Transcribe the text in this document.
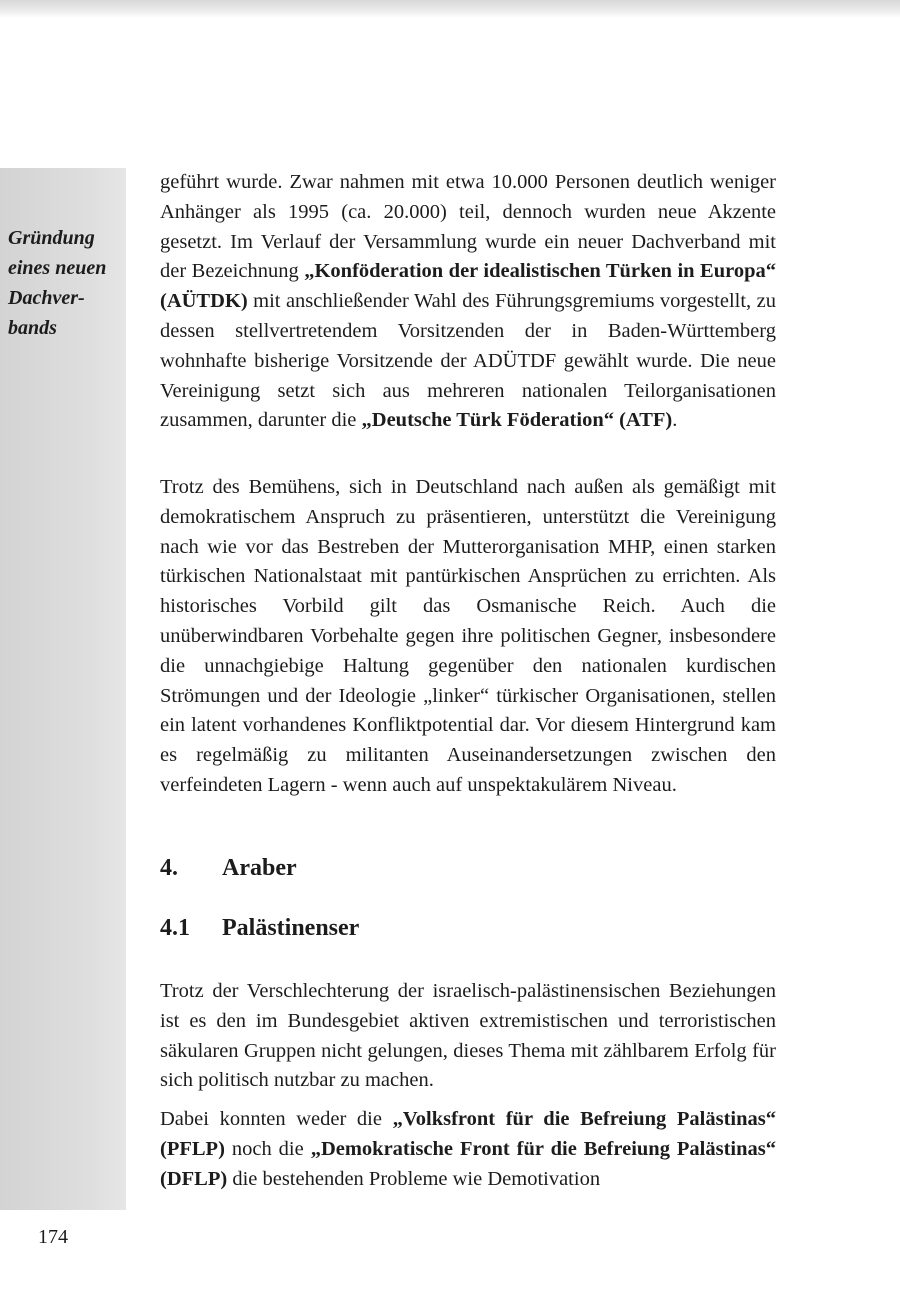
Gründung
eines neuen
Dachver-
bands

geführt wurde. Zwar nahmen mit etwa 10.000 Personen deutlich weniger Anhänger als 1995 (ca. 20.000) teil, dennoch wurden neue Akzente gesetzt. Im Verlauf der Versammlung wurde ein neuer Dachverband mit der Bezeichnung „Konföderation der idealistischen Türken in Europa“ (AÜTDK) mit anschließender Wahl des Führungsgremiums vorgestellt, zu dessen stellvertretendem Vorsitzenden der in Baden-Württemberg wohnhafte bisherige Vorsitzende der ADÜTDF gewählt wurde. Die neue Vereinigung setzt sich aus mehreren nationalen Teilorganisationen zusammen, darunter die „Deutsche Türk Föderation“ (ATF).

Trotz des Bemühens, sich in Deutschland nach außen als gemäßigt mit demokratischem Anspruch zu präsentieren, unterstützt die Vereinigung nach wie vor das Bestreben der Mutterorganisation MHP, einen starken türkischen Nationalstaat mit pantürkischen Ansprüchen zu errichten. Als historisches Vorbild gilt das Osmanische Reich. Auch die unüberwindbaren Vorbehalte gegen ihre politischen Gegner, insbesondere die unnachgiebige Haltung gegenüber den nationalen kurdischen Strömungen und der Ideologie „linker“ türkischer Organisationen, stellen ein latent vorhandenes Konfliktpotential dar. Vor diesem Hintergrund kam es regelmäßig zu militanten Auseinandersetzungen zwischen den verfeindeten Lagern - wenn auch auf unspektakulärem Niveau.

4. Araber
4.1 Palästinenser

Trotz der Verschlechterung der israelisch-palästinensischen Beziehungen ist es den im Bundesgebiet aktiven extremistischen und terroristischen säkularen Gruppen nicht gelungen, dieses Thema mit zählbarem Erfolg für sich politisch nutzbar zu machen.

Dabei konnten weder die „Volksfront für die Befreiung Palästinas“ (PFLP) noch die „Demokratische Front für die Befreiung Palästinas“ (DFLP) die bestehenden Probleme wie Demotivation

174
